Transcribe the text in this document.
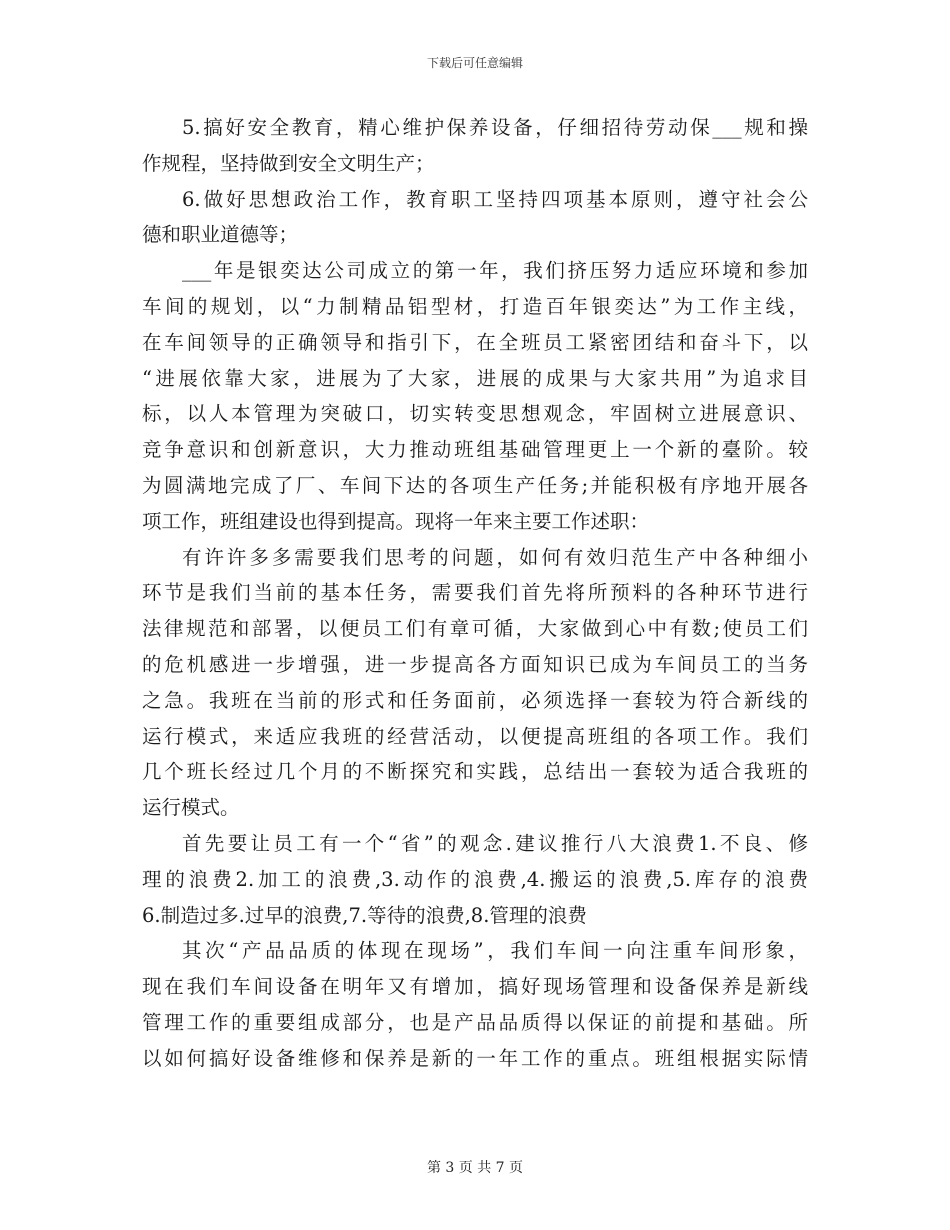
下载后可任意编辑
5.搞好安全教育，精心维护保养设备，仔细招待劳动保___规和操
作规程，坚持做到安全文明生产；
6.做好思想政治工作，教育职工坚持四项基本原则，遵守社会公
德和职业道德等；
___年是银奕达公司成立的第一年，我们挤压努力适应环境和参加
车间的规划，以“力制精品铝型材，打造百年银奕达”为工作主线，
在车间领导的正确领导和指引下，在全班员工紧密团结和奋斗下，以
“进展依靠大家，进展为了大家，进展的成果与大家共用”为追求目
标，以人本管理为突破口，切实转变思想观念，牢固树立进展意识、
竞争意识和创新意识，大力推动班组基础管理更上一个新的臺阶。较
为圆满地完成了厂、车间下达的各项生产任务;并能积极有序地开展各
项工作，班组建设也得到提高。现将一年来主要工作述职：
有许许多多需要我们思考的问题，如何有效归范生产中各种细小
环节是我们当前的基本任务，需要我们首先将所预料的各种环节进行
法律规范和部署，以便员工们有章可循，大家做到心中有数;使员工们
的危机感进一步增强，进一步提高各方面知识已成为车间员工的当务
之急。我班在当前的形式和任务面前，必须选择一套较为符合新线的
运行模式，来适应我班的经营活动，以便提高班组的各项工作。我们
几个班长经过几个月的不断探究和实践，总结出一套较为适合我班的
运行模式。
首先要让员工有一个“省”的观念.建议推行八大浪费1.不良、修
理的浪费2.加工的浪费,3.动作的浪费,4.搬运的浪费,5.库存的浪费
6.制造过多.过早的浪费,7.等待的浪费,8.管理的浪费
其次“产品品质的体现在现场”，我们车间一向注重车间形象，
现在我们车间设备在明年又有增加，搞好现场管理和设备保养是新线
管理工作的重要组成部分，也是产品品质得以保证的前提和基础。所
以如何搞好设备维修和保养是新的一年工作的重点。班组根据实际情
第 3 页 共 7 页
